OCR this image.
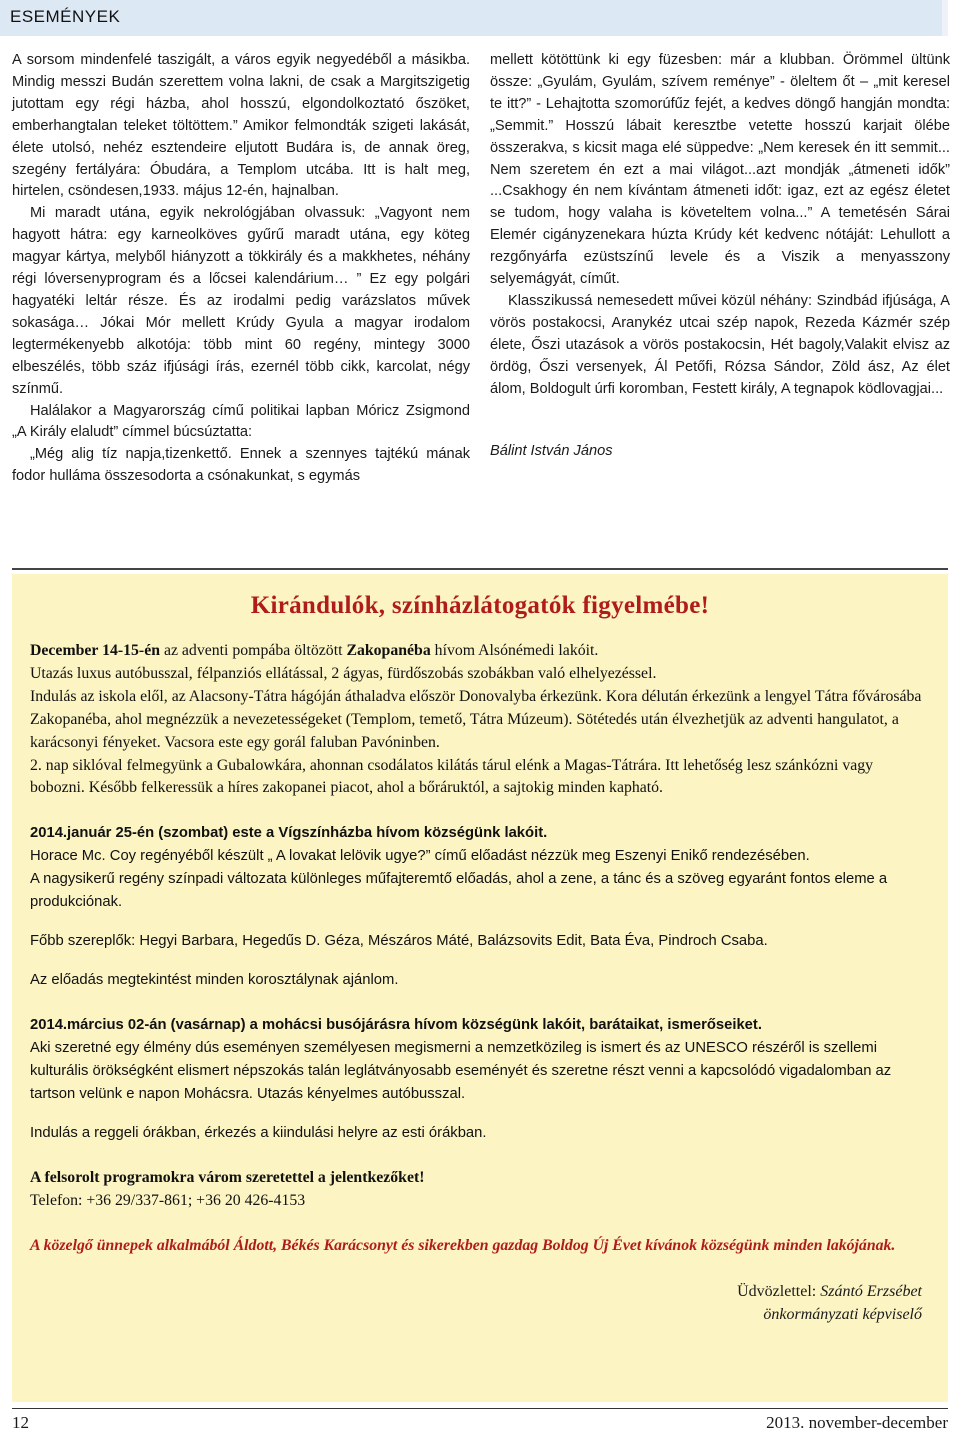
ESEMÉNYEK

A sorsom mindenfelé taszigált, a város egyik negyedéből a másikba. Mindig messzi Budán szerettem volna lakni, de csak a Margitszigetig jutottam egy régi házba, ahol hosszú, elgondolkoztató őszöket, emberhangtalan teleket töltöttem.” Amikor felmondták szigeti lakását, élete utolsó, nehéz esztendeire eljutott Budára is, de annak öreg, szegény fertályára: Óbudára, a Templom utcába. Itt is halt meg, hirtelen, csöndesen,1933. május 12-én, hajnalban.

Mi maradt utána, egyik nekrológjában olvassuk: „Vagyont nem hagyott hátra: egy karneolköves gyűrű maradt utána, egy köteg magyar kártya, melyből hiányzott a tökkirály és a makkhetes, néhány régi lóversenyprogram és a lőcsei kalendárium… ” Ez egy polgári hagyatéki leltár része. És az irodalmi pedig varázslatos művek sokasága… Jókai Mór mellett Krúdy Gyula a magyar irodalom legtermékenyebb alkotója: több mint 60 regény, mintegy 3000 elbeszélés, több száz ifjúsági írás, ezernél több cikk, karcolat, négy színmű.

Halálakor a Magyarország című politikai lapban Móricz Zsigmond „A Király elaludt” címmel búcsúztatta:

„Még alig tíz napja,tizenkettő. Ennek a szennyes tajtékú mának fodor hulláma összesodorta a csónakunkat, s egymás

mellett kötöttünk ki egy füzesben: már a klubban. Örömmel ültünk össze: „Gyulám, Gyulám, szívem reménye” - öleltem őt – „mit keresel te itt?” - Lehajtotta szomorúfűz fejét, a kedves döngő hangján mondta: „Semmit.” Hosszú lábait keresztbe vetette hosszú karjait ölébe összerakva, s kicsit maga elé süppedve: „Nem keresek én itt semmit... Nem szeretem én ezt a mai világot...azt mondják „átmeneti idők” ...Csakhogy én nem kívántam átmeneti időt: igaz, ezt az egész életet se tudom, hogy valaha is követeltem volna...” A temetésén Sárai Elemér cigányzenekara húzta Krúdy két kedvenc nótáját: Lehullott a rezgőnyárfa ezüstszínű levele és a Viszik a menyasszony selyemágyát, címűt.

Klasszikussá nemesedett művei közül néhány: Szindbád ifjúsága, A vörös postakocsi, Aranykéz utcai szép napok, Rezeda Kázmér szép élete, Őszi utazások a vörös postakocsin, Hét bagoly,Valakit elvisz az ördög, Őszi versenyek, Ál Petőfi, Rózsa Sándor, Zöld ász, Az élet álom, Boldogult úrfi koromban, Festett király, A tegnapok ködlovagjai...

Bálint István János

Kirándulók, színházlátogatók figyelmébe!

December 14-15-én az adventi pompába öltözött Zakopanéba hívom Alsónémedi lakóit.

Utazás luxus autóbusszal, félpanziós ellátással, 2 ágyas, fürdőszobás szobákban való elhelyezéssel.

Indulás az iskola elől, az Alacsony-Tátra hágóján áthaladva először Donovalyba érkezünk. Kora délután érkezünk a lengyel Tátra fővárosába Zakopanéba, ahol megnézzük a nevezetességeket (Templom, temető, Tátra Múzeum). Sötétedés után élvezhetjük az adventi hangulatot, a karácsonyi fényeket. Vacsora este egy gorál faluban Pavóninben.

2. nap siklóval felmegyünk a Gubalowkára, ahonnan csodálatos kilátás tárul elénk a Magas-Tátrára. Itt lehetőség lesz szánkózni vagy bobozni. Később felkeressük a híres zakopanei piacot, ahol a bőráruktól, a sajtokig minden kapható.

2014.január 25-én (szombat) este a Vígszínházba hívom községünk lakóit.

Horace Mc. Coy regényéből készült „ A lovakat lelövik ugye?” című előadást nézzük meg Eszenyi Enikő rendezésében.

A nagysikerű regény színpadi változata különleges műfajteremtő előadás, ahol a zene, a tánc és a szöveg egyaránt fontos eleme a produkciónak.

Főbb szereplők: Hegyi Barbara, Hegedűs D. Géza, Mészáros Máté, Balázsovits Edit, Bata Éva, Pindroch Csaba.

Az előadás megtekintést minden korosztálynak ajánlom.

2014.március 02-án (vasárnap) a mohácsi busójárásra hívom községünk lakóit, barátaikat, ismerőseiket.

Aki szeretné egy élmény dús eseményen személyesen megismerni a nemzetközileg is ismert és az UNESCO részéről is szellemi kulturális örökségként elismert népszokás talán leglátványosabb eseményét és szeretne részt venni a kapcsolódó vigadalomban az tartson velünk e napon Mohácsra. Utazás kényelmes autóbusszal.

Indulás a reggeli órákban, érkezés a kiindulási helyre az esti órákban.

A felsorolt programokra várom szeretettel a jelentkezőket!

Telefon: +36 29/337-861; +36 20 426-4153

A közelgő ünnepek alkalmából Áldott, Békés Karácsonyt és sikerekben gazdag Boldog Új Évet kívánok községünk minden lakójának.

Üdvözlettel: Szántó Erzsébet

önkormányzati képviselő

12	2013. november-december
